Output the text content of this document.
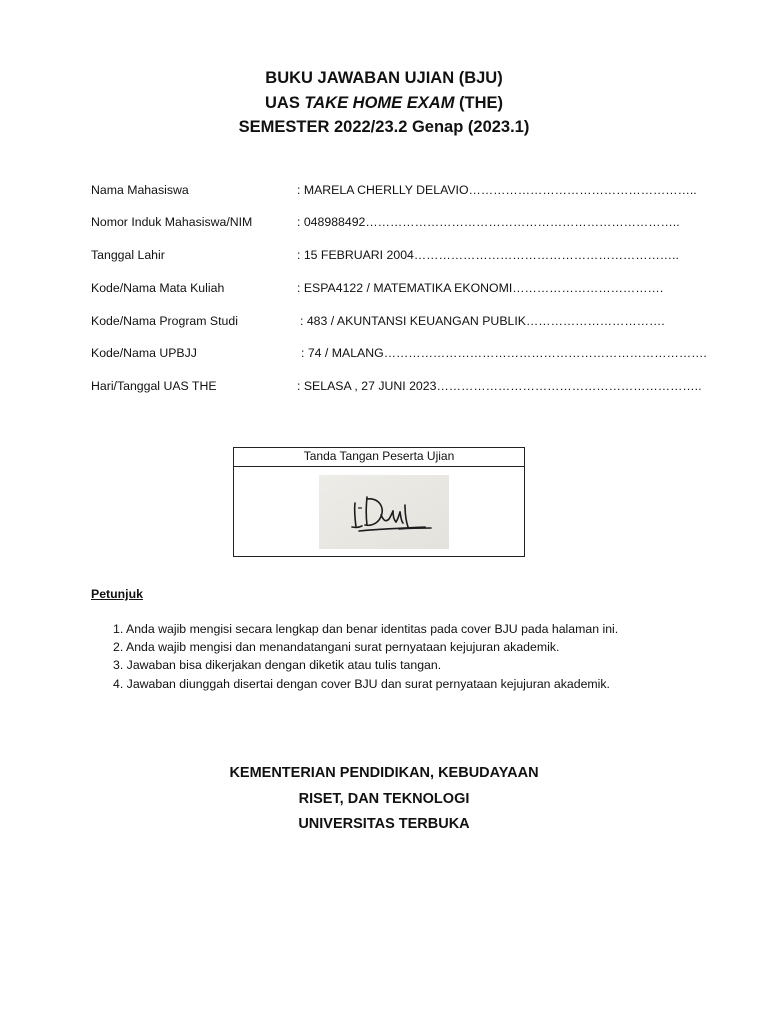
BUKU JAWABAN UJIAN (BJU)
UAS TAKE HOME EXAM (THE)
SEMESTER 2022/23.2 Genap (2023.1)
Nama Mahasiswa	: MARELA CHERLLY DELAVIO………………………………………………..
Nomor Induk Mahasiswa/NIM	: 048988492…………………………………………………………………..
Tanggal Lahir	: 15 FEBRUARI 2004………………………………………………………..
Kode/Nama Mata Kuliah	: ESPA4122 / MATEMATIKA EKONOMI……………………………….
Kode/Nama Program Studi	: 483 / AKUNTANSI KEUANGAN PUBLIK…………………………….
Kode/Nama UPBJJ	: 74 / MALANG…………………………………………………………………….
Hari/Tanggal UAS THE	: SELASA , 27 JUNI 2023………………………………………………………..
Tanda Tangan Peserta Ujian
Petunjuk
1. Anda wajib mengisi secara lengkap dan benar identitas pada cover BJU pada halaman ini.
2. Anda wajib mengisi dan menandatangani surat pernyataan kejujuran akademik.
3. Jawaban bisa dikerjakan dengan diketik atau tulis tangan.
4. Jawaban diunggah disertai dengan cover BJU dan surat pernyataan kejujuran akademik.
KEMENTERIAN PENDIDIKAN, KEBUDAYAAN
RISET, DAN TEKNOLOGI
UNIVERSITAS TERBUKA
